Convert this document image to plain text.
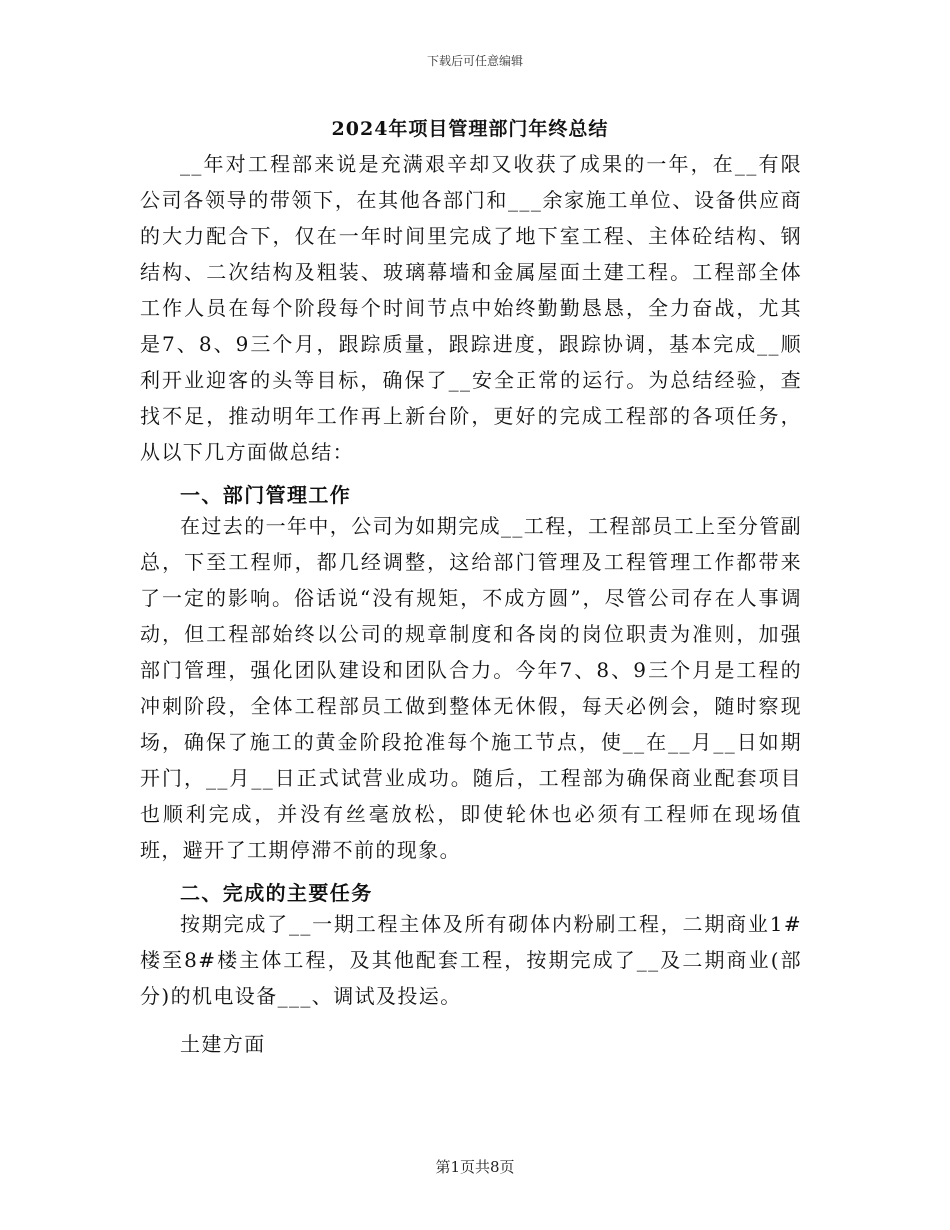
下载后可任意编辑
2024年项目管理部门年终总结

__年对工程部来说是充满艰辛却又收获了成果的一年，在__有限公司各领导的带领下，在其他各部门和___余家施工单位、设备供应商的大力配合下，仅在一年时间里完成了地下室工程、主体砼结构、钢结构、二次结构及粗装、玻璃幕墙和金属屋面土建工程。工程部全体工作人员在每个阶段每个时间节点中始终勤勤恳恳，全力奋战，尤其是7、8、9三个月，跟踪质量，跟踪进度，跟踪协调，基本完成__顺利开业迎客的头等目标，确保了__安全正常的运行。为总结经验，查找不足，推动明年工作再上新台阶，更好的完成工程部的各项任务，从以下几方面做总结：

一、部门管理工作

在过去的一年中，公司为如期完成__工程，工程部员工上至分管副总，下至工程师，都几经调整，这给部门管理及工程管理工作都带来了一定的影响。俗话说“没有规矩，不成方圆”，尽管公司存在人事调动，但工程部始终以公司的规章制度和各岗的岗位职责为准则，加强部门管理，强化团队建设和团队合力。今年7、8、9三个月是工程的冲刺阶段，全体工程部员工做到整体无休假，每天必例会，随时察现场，确保了施工的黄金阶段抢准每个施工节点，使__在__月__日如期开门，__月__日正式试营业成功。随后，工程部为确保商业配套项目也顺利完成，并没有丝毫放松，即使轮休也必须有工程师在现场值班，避开了工期停滞不前的现象。

二、完成的主要任务

按期完成了__一期工程主体及所有砌体内粉刷工程，二期商业1#楼至8#楼主体工程，及其他配套工程，按期完成了__及二期商业(部分)的机电设备___、调试及投运。

土建方面

第1页共8页
